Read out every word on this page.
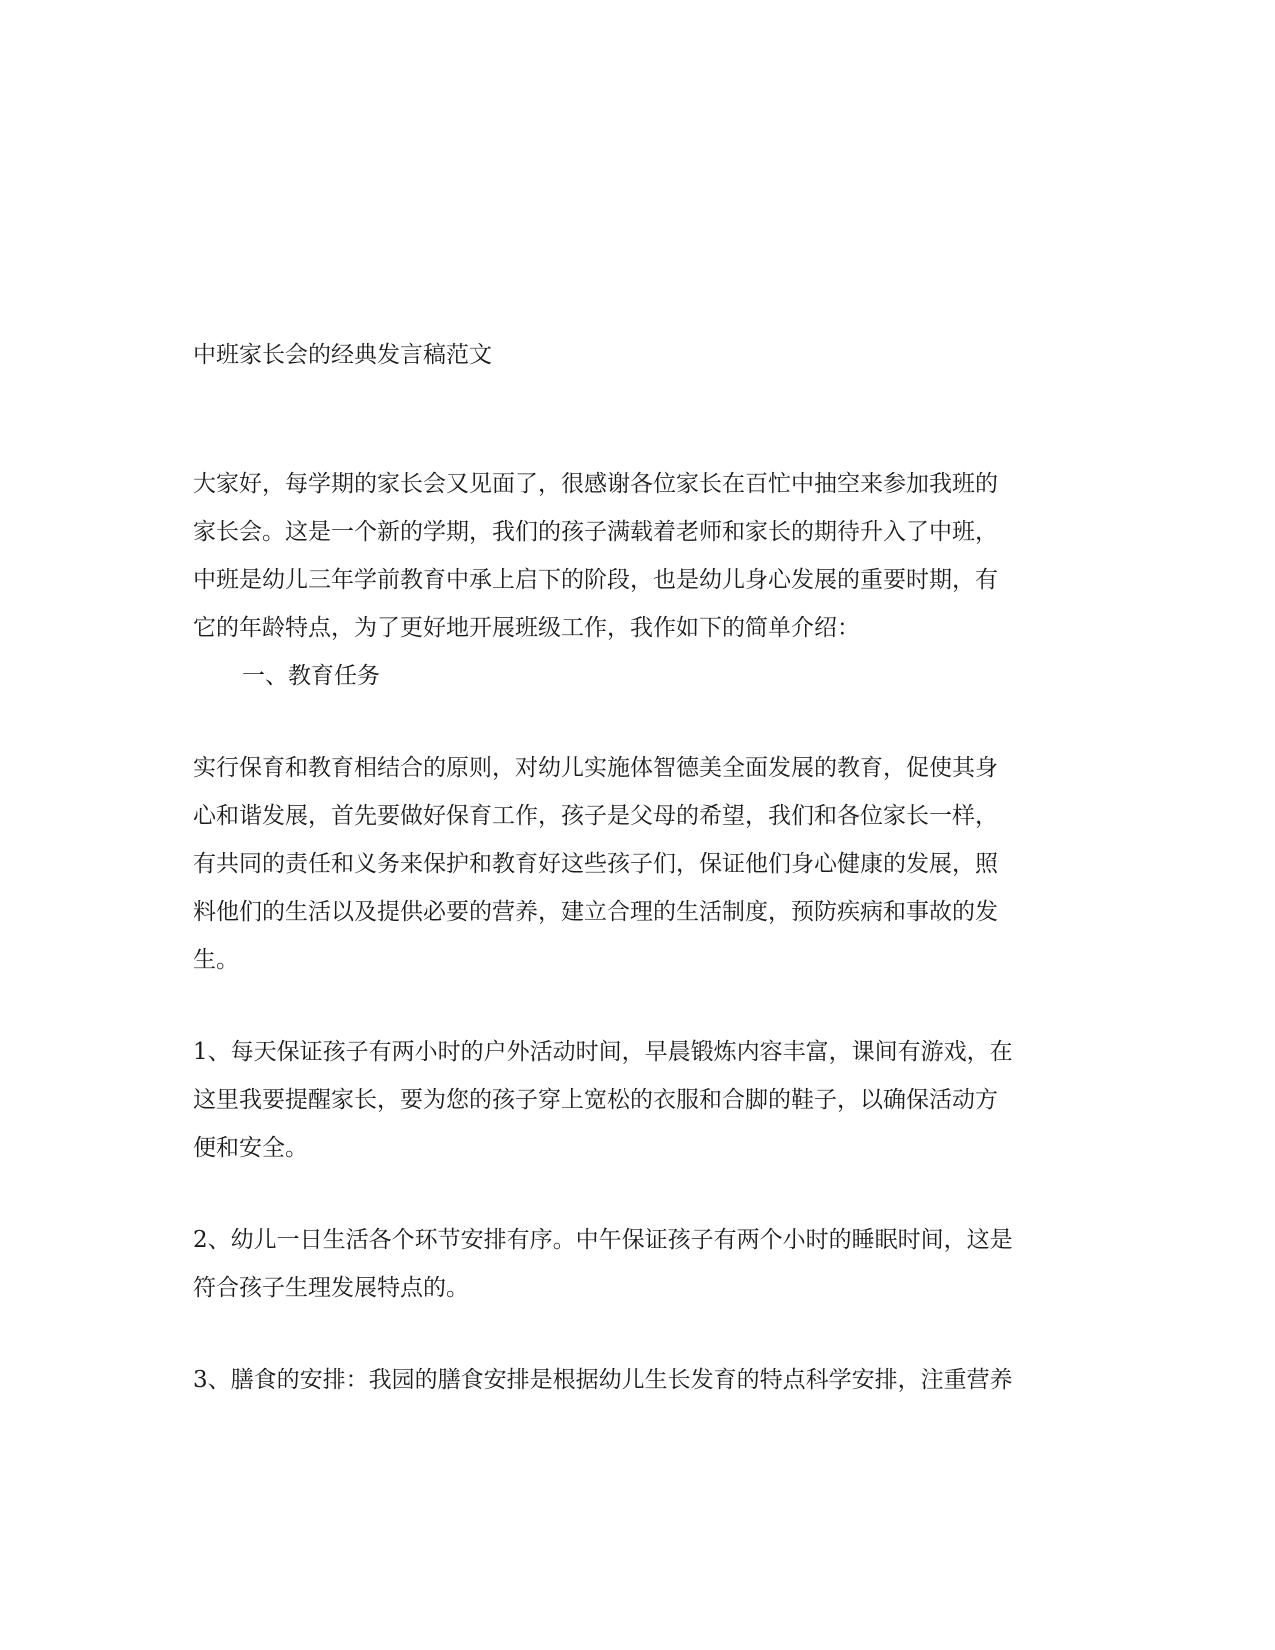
中班家长会的经典发言稿范文
大家好，每学期的家长会又见面了，很感谢各位家长在百忙中抽空来参加我班的
家长会。这是一个新的学期，我们的孩子满载着老师和家长的期待升入了中班，
中班是幼儿三年学前教育中承上启下的阶段，也是幼儿身心发展的重要时期，有
它的年龄特点，为了更好地开展班级工作，我作如下的简单介绍：
一、教育任务
实行保育和教育相结合的原则，对幼儿实施体智德美全面发展的教育，促使其身
心和谐发展，首先要做好保育工作，孩子是父母的希望，我们和各位家长一样，
有共同的责任和义务来保护和教育好这些孩子们，保证他们身心健康的发展，照
料他们的生活以及提供必要的营养，建立合理的生活制度，预防疾病和事故的发
生。
1、每天保证孩子有两小时的户外活动时间，早晨锻炼内容丰富，课间有游戏，在
这里我要提醒家长，要为您的孩子穿上宽松的衣服和合脚的鞋子，以确保活动方
便和安全。
2、幼儿一日生活各个环节安排有序。中午保证孩子有两个小时的睡眠时间，这是
符合孩子生理发展特点的。
3、膳食的安排：我园的膳食安排是根据幼儿生长发育的特点科学安排，注重营养
